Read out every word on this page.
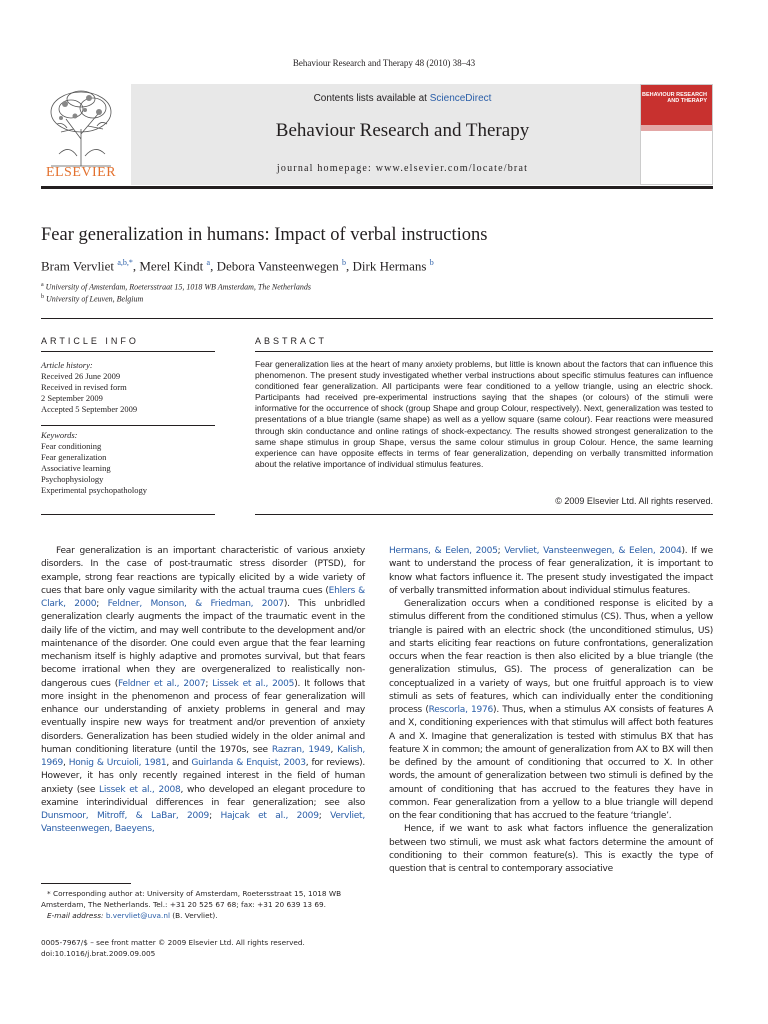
Behaviour Research and Therapy 48 (2010) 38–43
ELSEVIER
Contents lists available at ScienceDirect
Behaviour Research and Therapy
journal homepage: www.elsevier.com/locate/brat
BEHAVIOUR RESEARCH AND THERAPY
Fear generalization in humans: Impact of verbal instructions
Bram Vervliet $^{a,b,*}$, Merel Kindt $^a$, Debora Vansteenwegen $^b$, Dirk Hermans $^b$
$^a$ University of Amsterdam, Roetersstraat 15, 1018 WB Amsterdam, The Netherlands
$^b$ University of Leuven, Belgium
ARTICLE INFO	ABSTRACT
Article history:
Received 26 June 2009
Received in revised form
2 September 2009
Accepted 5 September 2009
Keywords:
Fear conditioning
Fear generalization
Associative learning
Psychophysiology
Experimental psychopathology
Fear generalization lies at the heart of many anxiety problems, but little is known about the factors that can influence this phenomenon. The present study investigated whether verbal instructions about specific stimulus features can influence conditioned fear generalization. All participants were fear conditioned to a yellow triangle, using an electric shock. Participants had received pre-experimental instructions saying that the shapes (or colours) of the stimuli were informative for the occurrence of shock (group Shape and group Colour, respectively). Next, generalization was tested to presentations of a blue triangle (same shape) as well as a yellow square (same colour). Fear reactions were measured through skin conductance and online ratings of shock-expectancy. The results showed strongest generalization to the same shape stimulus in group Shape, versus the same colour stimulus in group Colour. Hence, the same learning experience can have opposite effects in terms of fear generalization, depending on verbally transmitted information about the relative importance of individual stimulus features.
© 2009 Elsevier Ltd. All rights reserved.

Fear generalization is an important characteristic of various anxiety disorders. In the case of post-traumatic stress disorder (PTSD), for example, strong fear reactions are typically elicited by a wide variety of cues that bare only vague similarity with the actual trauma cues (Ehlers & Clark, 2000; Feldner, Monson, & Friedman, 2007). This unbridled generalization clearly augments the impact of the traumatic event in the daily life of the victim, and may well contribute to the development and/or maintenance of the disorder. One could even argue that the fear learning mechanism itself is highly adaptive and promotes survival, but that fears become irrational when they are overgeneralized to realistically non-dangerous cues (Feldner et al., 2007; Lissek et al., 2005). It follows that more insight in the phenomenon and process of fear generalization will enhance our understanding of anxiety problems in general and may eventually inspire new ways for treatment and/or prevention of anxiety disorders. Generalization has been studied widely in the older animal and human conditioning literature (until the 1970s, see Razran, 1949, Kalish, 1969, Honig & Urcuioli, 1981, and Guirlanda & Enquist, 2003, for reviews). However, it has only recently regained interest in the field of human anxiety (see Lissek et al., 2008, who developed an elegant procedure to examine interindividual differences in fear generalization; see also Dunsmoor, Mitroff, & LaBar, 2009; Hajcak et al., 2009; Vervliet, Vansteenwegen, Baeyens,

Hermans, & Eelen, 2005; Vervliet, Vansteenwegen, & Eelen, 2004). If we want to understand the process of fear generalization, it is important to know what factors influence it. The present study investigated the impact of verbally transmitted information about individual stimulus features.

Generalization occurs when a conditioned response is elicited by a stimulus different from the conditioned stimulus (CS). Thus, when a yellow triangle is paired with an electric shock (the unconditioned stimulus, US) and starts eliciting fear reactions on future confrontations, generalization occurs when the fear reaction is then also elicited by a blue triangle (the generalization stimulus, GS). The process of generalization can be conceptualized in a variety of ways, but one fruitful approach is to view stimuli as sets of features, which can individually enter the conditioning process (Rescorla, 1976). Thus, when a stimulus AX consists of features A and X, conditioning experiences with that stimulus will affect both features A and X. Imagine that generalization is tested with stimulus BX that has feature X in common; the amount of generalization from AX to BX will then be defined by the amount of conditioning that occurred to X. In other words, the amount of generalization between two stimuli is defined by the amount of conditioning that has accrued to the features they have in common. Fear generalization from a yellow to a blue triangle will depend on the fear conditioning that has accrued to the feature ‘triangle’.

Hence, if we want to ask what factors influence the generalization between two stimuli, we must ask what factors determine the amount of conditioning to their common feature(s). This is exactly the type of question that is central to contemporary associative

* Corresponding author at: University of Amsterdam, Roetersstraat 15, 1018 WB Amsterdam, The Netherlands. Tel.: +31 20 525 67 68; fax: +31 20 639 13 69.
E-mail address: b.vervliet@uva.nl (B. Vervliet).
0005-7967/$ – see front matter © 2009 Elsevier Ltd. All rights reserved.
doi:10.1016/j.brat.2009.09.005
